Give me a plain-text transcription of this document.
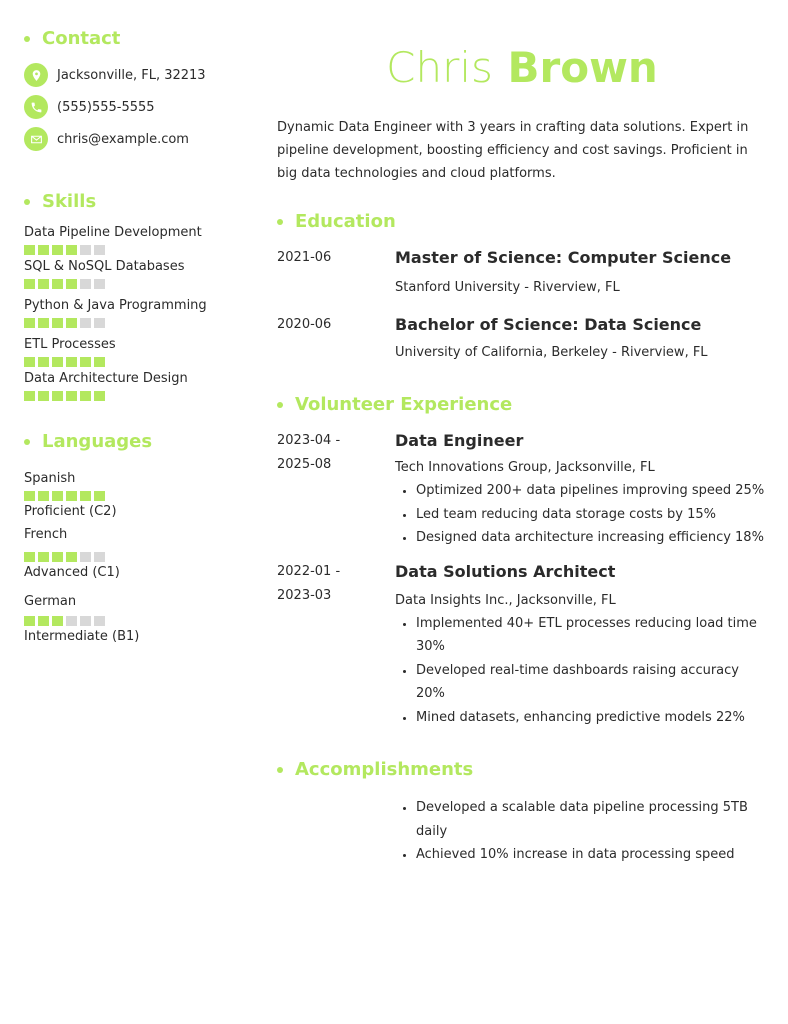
Contact
Jacksonville, FL, 32213
(555)555-5555
chris@example.com
Skills
Data Pipeline Development
SQL & NoSQL Databases
Python & Java Programming
ETL Processes
Data Architecture Design
Languages
Spanish
Proficient (C2)
French
Advanced (C1)
German
Intermediate (B1)
Chris Brown

Dynamic Data Engineer with 3 years in crafting data solutions. Expert in pipeline development, boosting efficiency and cost savings. Proficient in big data technologies and cloud platforms.

Education
2021-06	Master of Science: Computer Science
Stanford University - Riverview, FL
2020-06	Bachelor of Science: Data Science
University of California, Berkeley - Riverview, FL
Volunteer Experience
2023-04 -
2025-08
Data Engineer
Tech Innovations Group, Jacksonville, FL
• Optimized 200+ data pipelines improving speed 25%
• Led team reducing data storage costs by 15%
• Designed data architecture increasing efficiency 18%
2022-01 -
2023-03
Data Solutions Architect
Data Insights Inc., Jacksonville, FL
• Implemented 40+ ETL processes reducing load time 30%
• Developed real-time dashboards raising accuracy 20%
• Mined datasets, enhancing predictive models 22%
Accomplishments
• Developed a scalable data pipeline processing 5TB daily
• Achieved 10% increase in data processing speed
